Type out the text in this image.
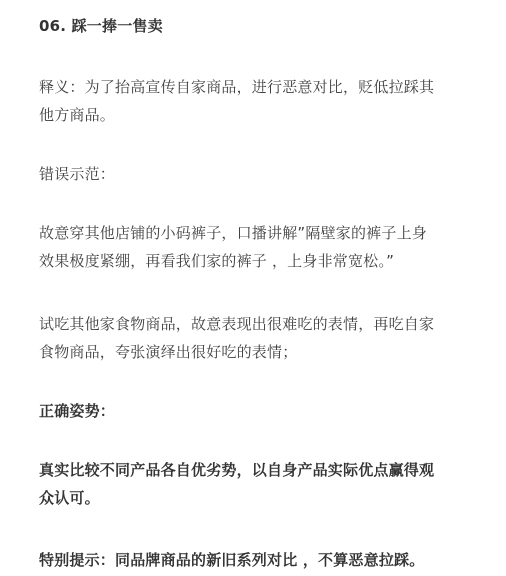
06. 踩一捧一售卖

释义：为了抬高宣传自家商品，进行恶意对比，贬低拉踩其
他方商品。

错误示范：

故意穿其他店铺的小码裤子，口播讲解”隔壁家的裤子上身
效果极度紧绷，再看我们家的裤子 ，上身非常宽松。”

试吃其他家食物商品，故意表现出很难吃的表情，再吃自家
食物商品，夸张演绎出很好吃的表情；

正确姿势：

真实比较不同产品各自优劣势，以自身产品实际优点赢得观
众认可。

特别提示：同品牌商品的新旧系列对比 ，不算恶意拉踩。
